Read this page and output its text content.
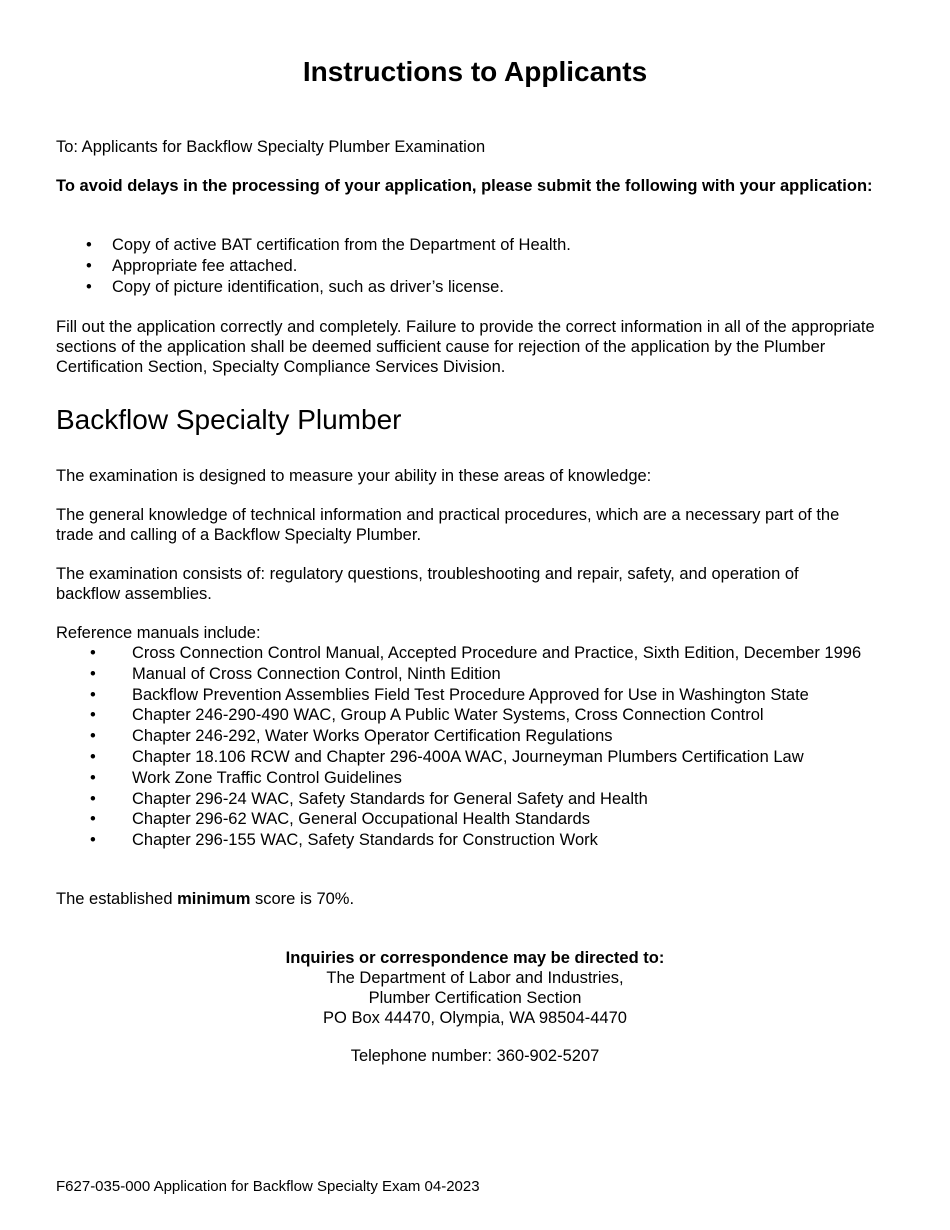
Instructions to Applicants

To: Applicants for Backflow Specialty Plumber Examination

To avoid delays in the processing of your application, please submit the following with your application:

• Copy of active BAT certification from the Department of Health.
• Appropriate fee attached.
• Copy of picture identification, such as driver’s license.

Fill out the application correctly and completely. Failure to provide the correct information in all of the appropriate sections of the application shall be deemed sufficient cause for rejection of the application by the Plumber Certification Section, Specialty Compliance Services Division.

Backflow Specialty Plumber

The examination is designed to measure your ability in these areas of knowledge:

The general knowledge of technical information and practical procedures, which are a necessary part of the trade and calling of a Backflow Specialty Plumber.

The examination consists of: regulatory questions, troubleshooting and repair, safety, and operation of backflow assemblies.

Reference manuals include:

• Cross Connection Control Manual, Accepted Procedure and Practice, Sixth Edition, December 1996
• Manual of Cross Connection Control, Ninth Edition
• Backflow Prevention Assemblies Field Test Procedure Approved for Use in Washington State
• Chapter 246-290-490 WAC, Group A Public Water Systems, Cross Connection Control
• Chapter 246-292, Water Works Operator Certification Regulations
• Chapter 18.106 RCW and Chapter 296-400A WAC, Journeyman Plumbers Certification Law
• Work Zone Traffic Control Guidelines
• Chapter 296-24 WAC, Safety Standards for General Safety and Health
• Chapter 296-62 WAC, General Occupational Health Standards
• Chapter 296-155 WAC, Safety Standards for Construction Work

The established minimum score is 70%.

Inquiries or correspondence may be directed to:

The Department of Labor and Industries,

Plumber Certification Section

PO Box 44470, Olympia, WA 98504-4470

Telephone number: 360-902-5207

F627-035-000 Application for Backflow Specialty Exam 04-2023
